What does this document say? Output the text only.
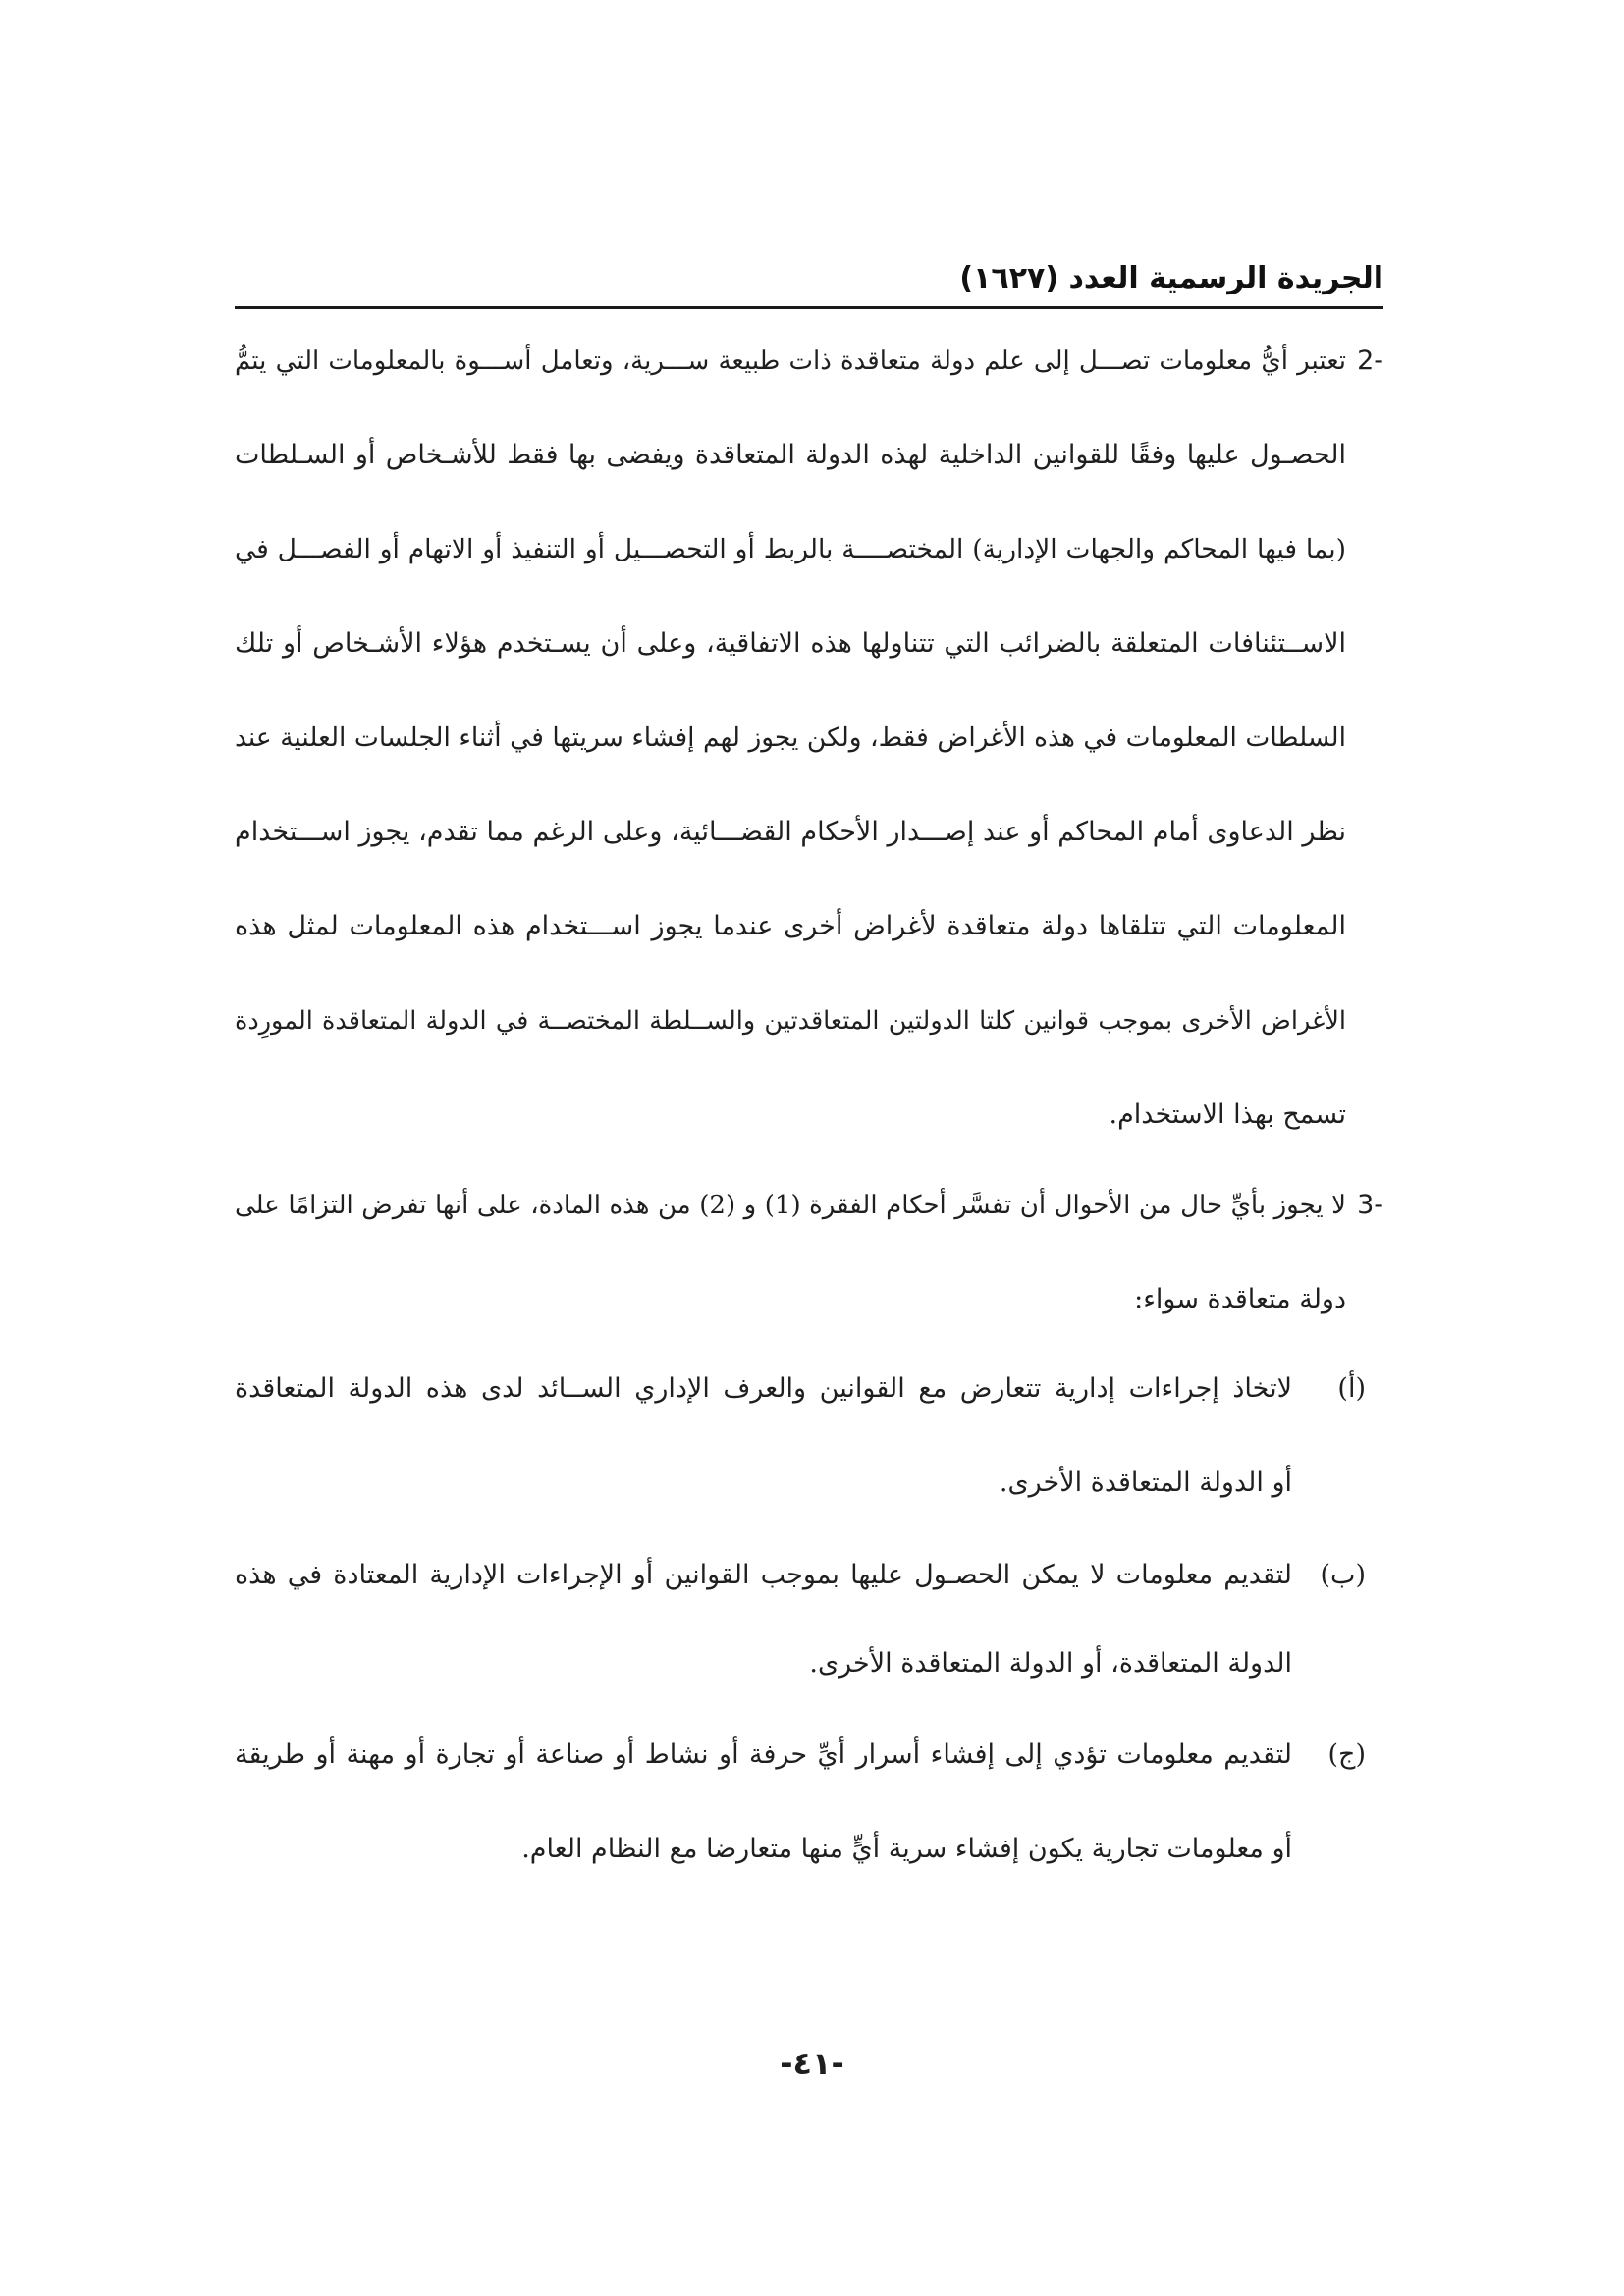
الجريدة الرسمية العدد (١٦٢٧)
-2
تعتبر أيُّ معلومات تصـــل إلى علم دولة متعاقدة ذات طبيعة ســـرية، وتعامل أســـوة بالمعلومات التي يتمُّ
الحصـول عليها وفقًا للقوانين الداخلية لهذه الدولة المتعاقدة ويفضى بها فقط للأشـخاص أو السـلطات
(بما فيها المحاكم والجهات الإدارية) المختصــــة بالربط أو التحصـــيل أو التنفيذ أو الاتهام أو الفصـــل في
الاســتئنافات المتعلقة بالضرائب التي تتناولها هذه الاتفاقية، وعلى أن يسـتخدم هؤلاء الأشـخاص أو تلك
السلطات المعلومات في هذه الأغراض فقط، ولكن يجوز لهم إفشاء سريتها في أثناء الجلسات العلنية عند
نظر الدعاوى أمام المحاكم أو عند إصـــدار الأحكام القضـــائية، وعلى الرغم مما تقدم، يجوز اســـتخدام
المعلومات التي تتلقاها دولة متعاقدة لأغراض أخرى عندما يجوز اســـتخدام هذه المعلومات لمثل هذه
الأغراض الأخرى بموجب قوانين كلتا الدولتين المتعاقدتين والســلطة المختصــة في الدولة المتعاقدة المورِدة
تسمح بهذا الاستخدام.
-3
لا يجوز بأيِّ حال من الأحوال أن تفسَّر أحكام الفقرة (1) و (2) من هذه المادة، على أنها تفرض التزامًا على
دولة متعاقدة سواء:
(أ)
لاتخاذ إجراءات إدارية تتعارض مع القوانين والعرف الإداري الســائد لدى هذه الدولة المتعاقدة
أو الدولة المتعاقدة الأخرى.
(ب)
لتقديم معلومات لا يمكن الحصـول عليها بموجب القوانين أو الإجراءات الإدارية المعتادة في هذه
الدولة المتعاقدة، أو الدولة المتعاقدة الأخرى.
(ج)
لتقديم معلومات تؤدي إلى إفشاء أسرار أيِّ حرفة أو نشاط أو صناعة أو تجارة أو مهنة أو طريقة
أو معلومات تجارية يكون إفشاء سرية أيٍّ منها متعارضا مع النظام العام.
-٤١-
